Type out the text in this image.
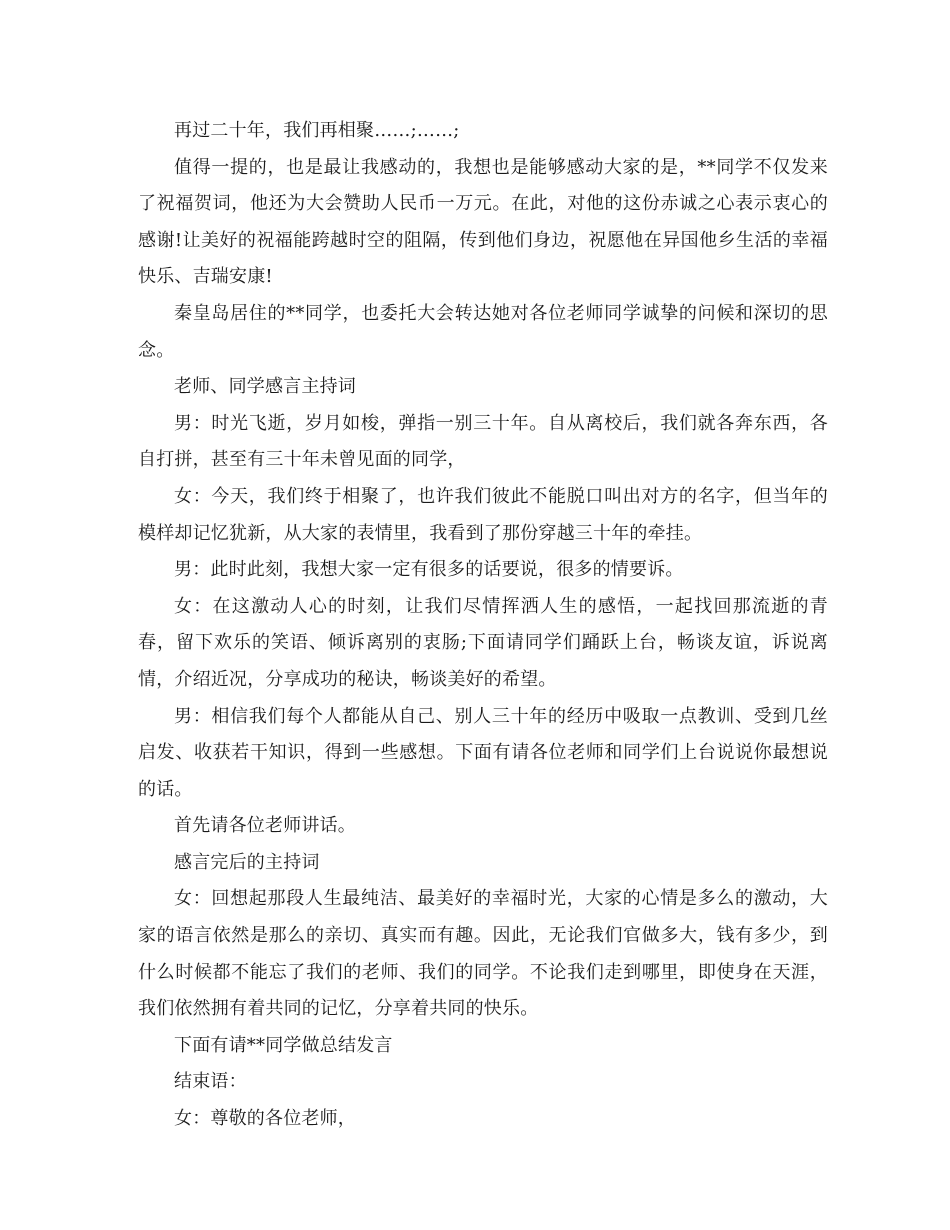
再过二十年，我们再相聚……;……;

值得一提的，也是最让我感动的，我想也是能够感动大家的是，**同学不仅发来了祝福贺词，他还为大会赞助人民币一万元。在此，对他的这份赤诚之心表示衷心的感谢!让美好的祝福能跨越时空的阻隔，传到他们身边，祝愿他在异国他乡生活的幸福快乐、吉瑞安康!

秦皇岛居住的**同学，也委托大会转达她对各位老师同学诚挚的问候和深切的思念。

老师、同学感言主持词

男：时光飞逝，岁月如梭，弹指一别三十年。自从离校后，我们就各奔东西，各自打拼，甚至有三十年未曾见面的同学，

女：今天，我们终于相聚了，也许我们彼此不能脱口叫出对方的名字，但当年的模样却记忆犹新，从大家的表情里，我看到了那份穿越三十年的牵挂。

男：此时此刻，我想大家一定有很多的话要说，很多的情要诉。

女：在这激动人心的时刻，让我们尽情挥洒人生的感悟，一起找回那流逝的青春，留下欢乐的笑语、倾诉离别的衷肠;下面请同学们踊跃上台，畅谈友谊，诉说离情，介绍近况，分享成功的秘诀，畅谈美好的希望。

男：相信我们每个人都能从自己、别人三十年的经历中吸取一点教训、受到几丝启发、收获若干知识，得到一些感想。下面有请各位老师和同学们上台说说你最想说的话。

首先请各位老师讲话。

感言完后的主持词

女：回想起那段人生最纯洁、最美好的幸福时光，大家的心情是多么的激动，大家的语言依然是那么的亲切、真实而有趣。因此，无论我们官做多大，钱有多少，到什么时候都不能忘了我们的老师、我们的同学。不论我们走到哪里，即使身在天涯，我们依然拥有着共同的记忆，分享着共同的快乐。

下面有请**同学做总结发言

结束语：

女：尊敬的各位老师，
